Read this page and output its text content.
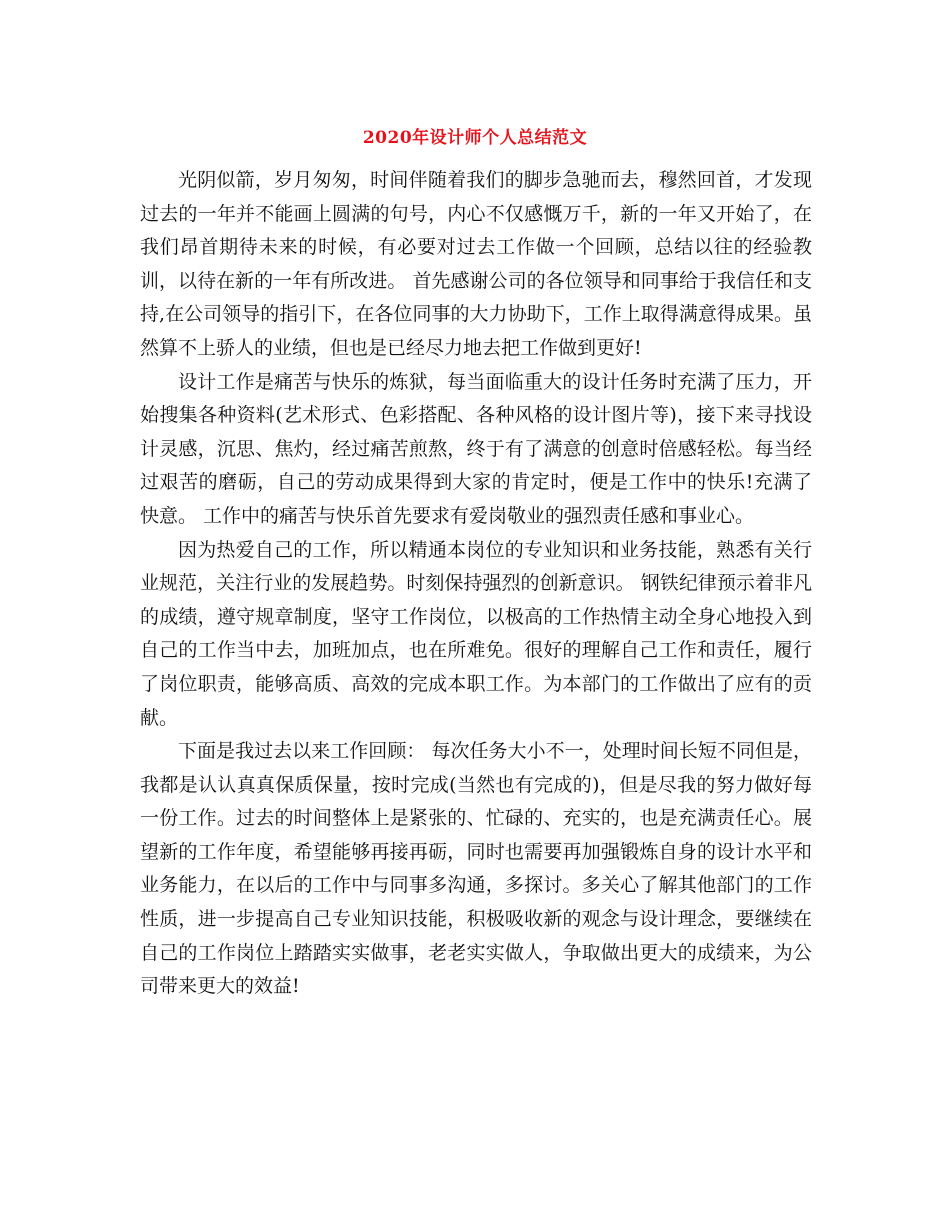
2020年设计师个人总结范文

光阴似箭，岁月匆匆，时间伴随着我们的脚步急驰而去，穆然回首，才发现过去的一年并不能画上圆满的句号，内心不仅感慨万千，新的一年又开始了，在我们昂首期待未来的时候，有必要对过去工作做一个回顾，总结以往的经验教训，以待在新的一年有所改进。 首先感谢公司的各位领导和同事给于我信任和支持,在公司领导的指引下，在各位同事的大力协助下，工作上取得满意得成果。虽然算不上骄人的业绩，但也是已经尽力地去把工作做到更好!

设计工作是痛苦与快乐的炼狱，每当面临重大的设计任务时充满了压力，开始搜集各种资料(艺术形式、色彩搭配、各种风格的设计图片等)，接下来寻找设计灵感，沉思、焦灼，经过痛苦煎熬，终于有了满意的创意时倍感轻松。每当经过艰苦的磨砺，自己的劳动成果得到大家的肯定时，便是工作中的快乐!充满了快意。 工作中的痛苦与快乐首先要求有爱岗敬业的强烈责任感和事业心。

因为热爱自己的工作，所以精通本岗位的专业知识和业务技能，熟悉有关行业规范，关注行业的发展趋势。时刻保持强烈的创新意识。 钢铁纪律预示着非凡的成绩，遵守规章制度，坚守工作岗位，以极高的工作热情主动全身心地投入到自己的工作当中去，加班加点，也在所难免。很好的理解自己工作和责任，履行了岗位职责，能够高质、高效的完成本职工作。为本部门的工作做出了应有的贡献。

下面是我过去以来工作回顾： 每次任务大小不一，处理时间长短不同但是，我都是认认真真保质保量，按时完成(当然也有完成的)，但是尽我的努力做好每一份工作。过去的时间整体上是紧张的、忙碌的、充实的，也是充满责任心。展望新的工作年度，希望能够再接再砺，同时也需要再加强锻炼自身的设计水平和业务能力，在以后的工作中与同事多沟通，多探讨。多关心了解其他部门的工作性质，进一步提高自己专业知识技能，积极吸收新的观念与设计理念，要继续在自己的工作岗位上踏踏实实做事，老老实实做人，争取做出更大的成绩来，为公司带来更大的效益!
